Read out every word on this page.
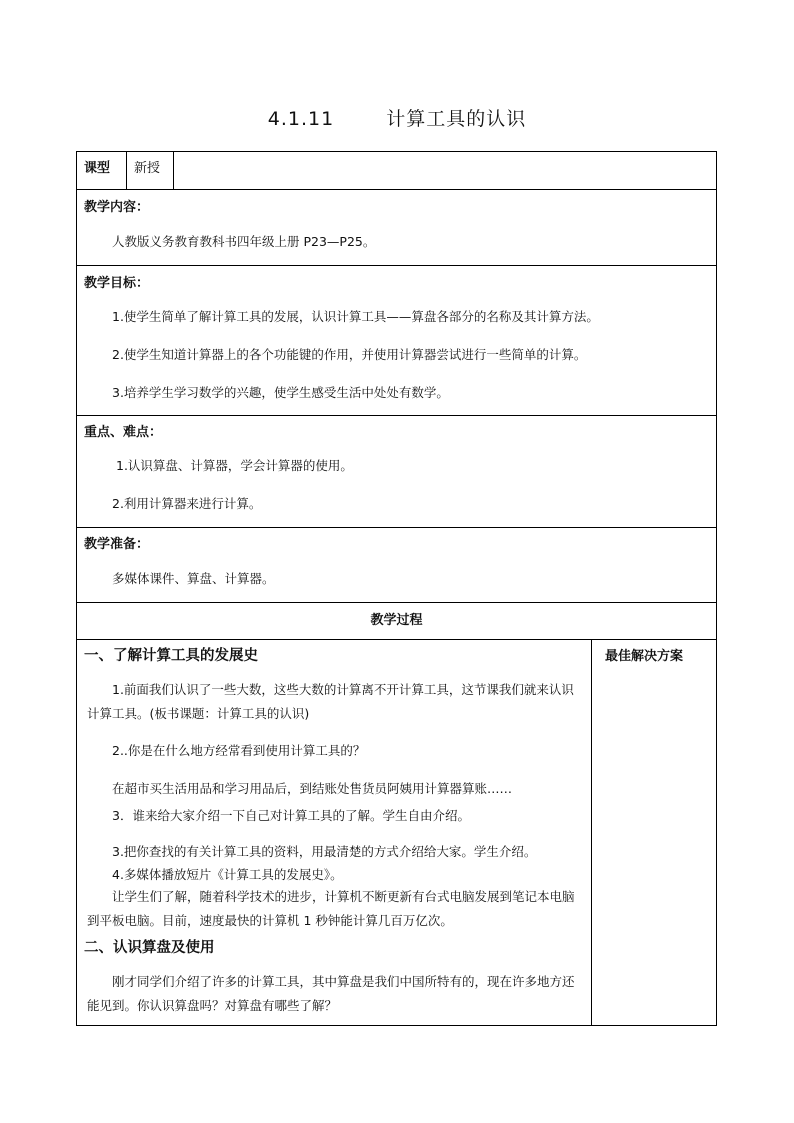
4.1.11	计算工具的认识
课型 新授
教学内容：
人教版义务教育教科书四年级上册 P23—P25。
教学目标：
1.使学生简单了解计算工具的发展，认识计算工具——算盘各部分的名称及其计算方法。
2.使学生知道计算器上的各个功能键的作用，并使用计算器尝试进行一些简单的计算。
3.培养学生学习数学的兴趣，使学生感受生活中处处有数学。
重点、难点：
1.认识算盘、计算器，学会计算器的使用。
2.利用计算器来进行计算。
教学准备：
多媒体课件、算盘、计算器。
教学过程
一、了解计算工具的发展史
1.前面我们认识了一些大数，这些大数的计算离不开计算工具，这节课我们就来认识计算工具。(板书课题：计算工具的认识)
2..你是在什么地方经常看到使用计算工具的？
在超市买生活用品和学习用品后，到结账处售货员阿姨用计算器算账……
3．谁来给大家介绍一下自己对计算工具的了解。学生自由介绍。
3.把你查找的有关计算工具的资料，用最清楚的方式介绍给大家。学生介绍。
4.多媒体播放短片《计算工具的发展史》。
让学生们了解，随着科学技术的进步，计算机不断更新有台式电脑发展到笔记本电脑到平板电脑。目前，速度最快的计算机 1 秒钟能计算几百万亿次。
二、认识算盘及使用
刚才同学们介绍了许多的计算工具，其中算盘是我们中国所特有的，现在许多地方还能见到。你认识算盘吗？对算盘有哪些了解？
最佳解决方案
